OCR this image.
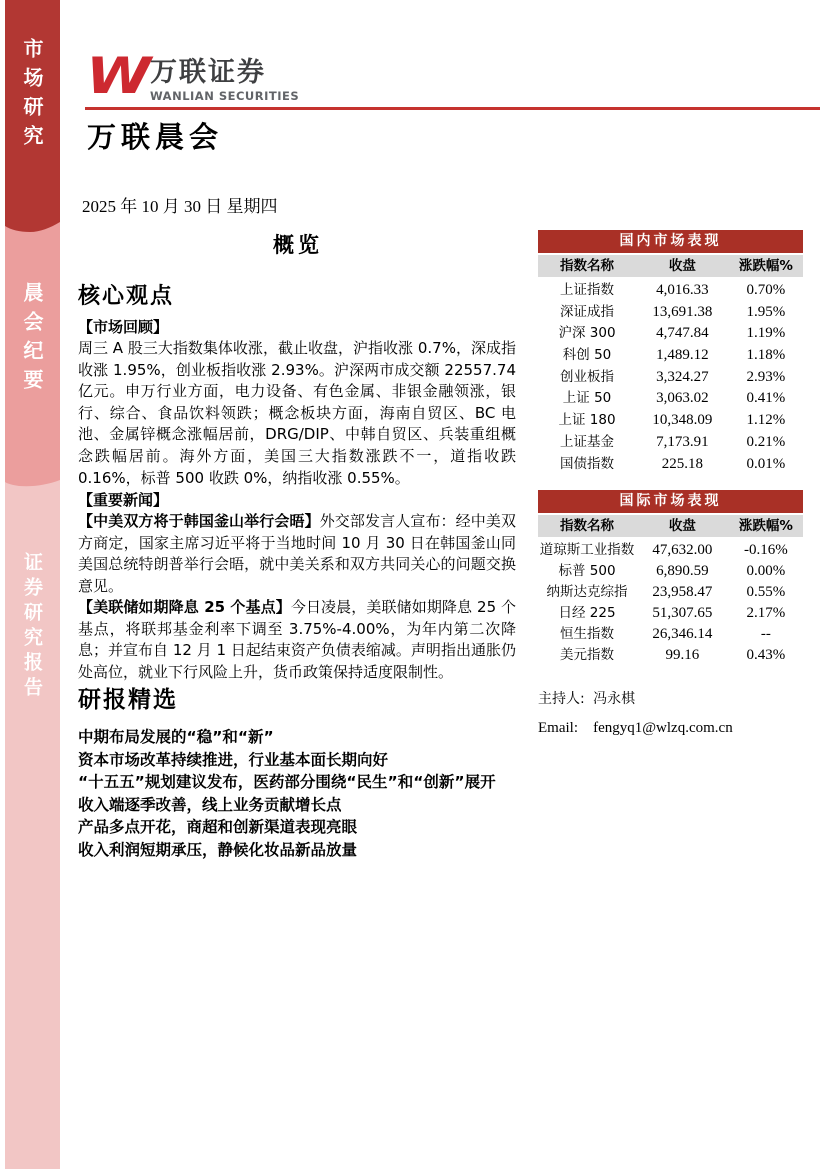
市场研究
晨会纪要
证券研究报告
W
万联证券
WANLIAN SECURITIES
万联晨会
2025 年 10 月 30 日 星期四
概览
核心观点
【市场回顾】

周三 A 股三大指数集体收涨，截止收盘，沪指收涨 0.7%，深成指收涨 1.95%，创业板指收涨 2.93%。沪深两市成交额 22557.74 亿元。申万行业方面，电力设备、有色金属、非银金融领涨，银行、综合、食品饮料领跌；概念板块方面，海南自贸区、BC 电池、金属锌概念涨幅居前，DRG/DIP、中韩自贸区、兵装重组概念跌幅居前。海外方面，美国三大指数涨跌不一，道指收跌 0.16%，标普 500 收跌 0%，纳指收涨 0.55%。

【重要新闻】

【中美双方将于韩国釜山举行会晤】外交部发言人宣布：经中美双方商定，国家主席习近平将于当地时间 10 月 30 日在韩国釜山同美国总统特朗普举行会晤，就中美关系和双方共同关心的问题交换意见。

【美联储如期降息 25 个基点】今日凌晨，美联储如期降息 25 个基点，将联邦基金利率下调至 3.75%-4.00%，为年内第二次降息；并宣布自 12 月 1 日起结束资产负债表缩减。声明指出通胀仍处高位，就业下行风险上升，货币政策保持适度限制性。

研报精选
中期布局发展的“稳”和“新”
资本市场改革持续推进，行业基本面长期向好
“十五五”规划建议发布，医药部分围绕“民生”和“创新”展开
收入端逐季改善，线上业务贡献增长点
产品多点开花，商超和创新渠道表现亮眼
收入利润短期承压，静候化妆品新品放量
国内市场表现
指数名称	收盘	涨跌幅%
上证指数	4,016.33	0.70%
深证成指	13,691.38	1.95%
沪深 300	4,747.84	1.19%
科创 50	1,489.12	1.18%
创业板指	3,324.27	2.93%
上证 50	3,063.02	0.41%
上证 180	10,348.09	1.12%
上证基金	7,173.91	0.21%
国债指数	225.18	0.01%
国际市场表现
指数名称	收盘	涨跌幅%
道琼斯工业指数	47,632.00	-0.16%
标普 500	6,890.59	0.00%
纳斯达克综指	23,958.47	0.55%
日经 225	51,307.65	2.17%
恒生指数	26,346.14	--
美元指数	99.16	0.43%
主持人: 冯永棋
Email: fengyq1@wlzq.com.cn
